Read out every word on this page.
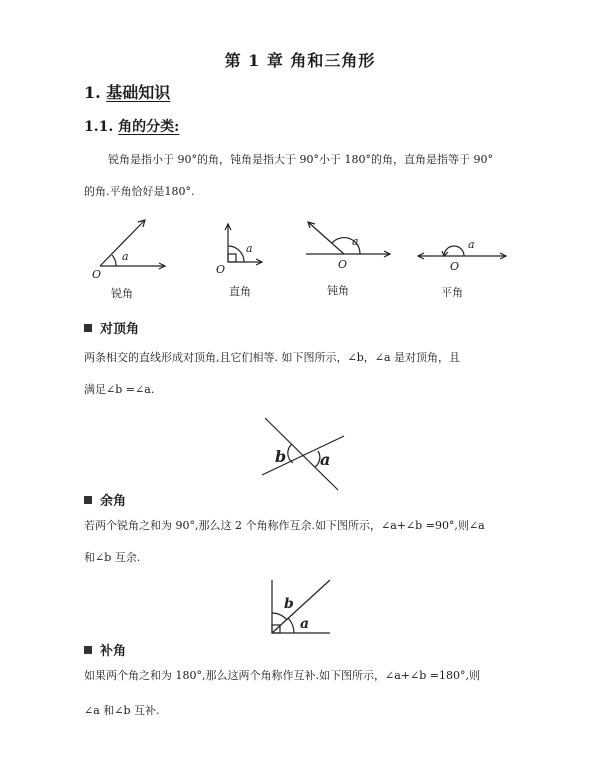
第 1 章 角和三角形
1. 基础知识
1.1. 角的分类:

锐角是指小于 90°的角，钝角是指大于 90°小于 180°的角，直角是指等于 90°

的角.平角恰好是180°.

O
a
O
a
O
a
O
a
b a
b
a
锐角	直角	钝角	平角
对顶角

两条相交的直线形成对顶角,且它们相等. 如下图所示，∠b，∠a 是对顶角，且

满足∠b =∠a.

余角

若两个锐角之和为 90°,那么这 2 个角称作互余.如下图所示，∠a+∠b =90°,则∠a

和∠b 互余.

补角

如果两个角之和为 180°,那么这两个角称作互补.如下图所示，∠a+∠b =180°,则

∠a 和∠b 互补.
